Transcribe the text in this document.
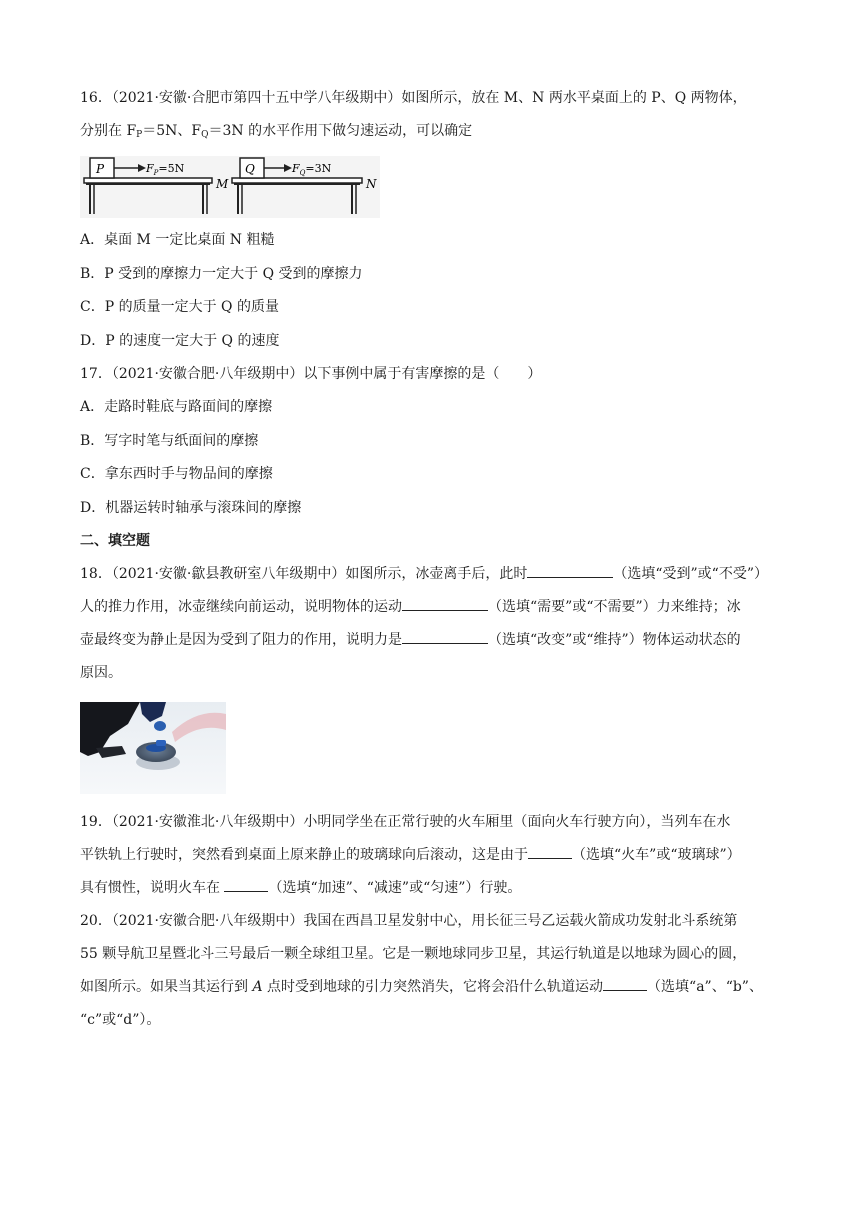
16．（2021·安徽·合肥市第四十五中学八年级期中）如图所示，放在 M、N 两水平桌面上的 P、Q 两物体，

分别在 $F_P=5N$、$F_Q=3N$ 的水平作用下做匀速运动，可以确定

P	$F_P=5N$
M
Q	$F_Q=3N$
N

A．桌面 M 一定比桌面 N 粗糙

B．P 受到的摩擦力一定大于 Q 受到的摩擦力

C．P 的质量一定大于 Q 的质量

D．P 的速度一定大于 Q 的速度

17．（2021·安徽合肥·八年级期中）以下事例中属于有害摩擦的是（　　）

A．走路时鞋底与路面间的摩擦

B．写字时笔与纸面间的摩擦

C．拿东西时手与物品间的摩擦

D．机器运转时轴承与滚珠间的摩擦

二、填空题

18．（2021·安徽·歙县教研室八年级期中）如图所示，冰壶离手后，此时	（选填“受到”或“不受”）

人的推力作用，冰壶继续向前运动，说明物体的运动	（选填“需要”或“不需要”）力来维持；冰

壶最终变为静止是因为受到了阻力的作用，说明力是	（选填“改变”或“维持”）物体运动状态的

原因。

19．（2021·安徽淮北·八年级期中）小明同学坐在正常行驶的火车厢里（面向火车行驶方向），当列车在水

平铁轨上行驶时，突然看到桌面上原来静止的玻璃球向后滚动，这是由于	（选填“火车”或“玻璃球”）

具有惯性，说明火车在	（选填“加速”、“减速”或“匀速”）行驶。

20．（2021·安徽合肥·八年级期中）我国在西昌卫星发射中心，用长征三号乙运载火箭成功发射北斗系统第

55 颗导航卫星暨北斗三号最后一颗全球组卫星。它是一颗地球同步卫星，其运行轨道是以地球为圆心的圆，

如图所示。如果当其运行到 A 点时受到地球的引力突然消失，它将会沿什么轨道运动	（选填“a”、“b”、

“c”或“d”）。
